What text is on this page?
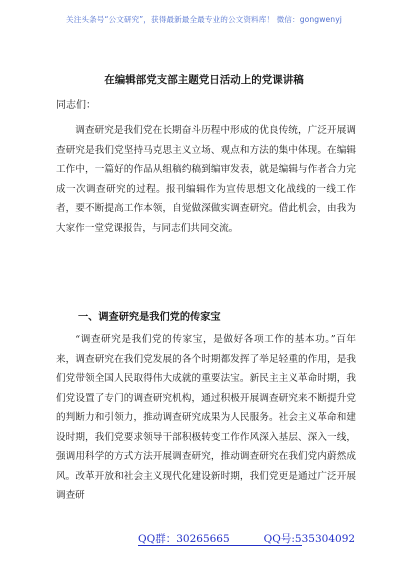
关注头条号“公文研究”，获得最新最全最专业的公文资料库！ 微信：gongwenyj
在编辑部党支部主题党日活动上的党课讲稿
同志们：

调查研究是我们党在长期奋斗历程中形成的优良传统，广泛开展调查研究是我们党坚持马克思主义立场、观点和方法的集中体现。在编辑工作中，一篇好的作品从组稿约稿到编审发表，就是编辑与作者合力完成一次调查研究的过程。报刊编辑作为宣传思想文化战线的一线工作者，要不断提高工作本领，自觉做深做实调查研究。借此机会，由我为大家作一堂党课报告，与同志们共同交流。

一、调查研究是我们党的传家宝

“调查研究是我们党的传家宝，是做好各项工作的基本功。”百年来，调查研究在我们党发展的各个时期都发挥了举足轻重的作用，是我们党带领全国人民取得伟大成就的重要法宝。新民主主义革命时期，我们党设置了专门的调查研究机构，通过积极开展调查研究来不断提升党的判断力和引领力，推动调查研究成果为人民服务。社会主义革命和建设时期，我们党要求领导干部积极转变工作作风深入基层、深入一线，强调用科学的方式方法开展调查研究，推动调查研究在我们党内蔚然成风。改革开放和社会主义现代化建设新时期，我们党更是通过广泛开展调查研

QQ群：30265665	QQ号:535304092
